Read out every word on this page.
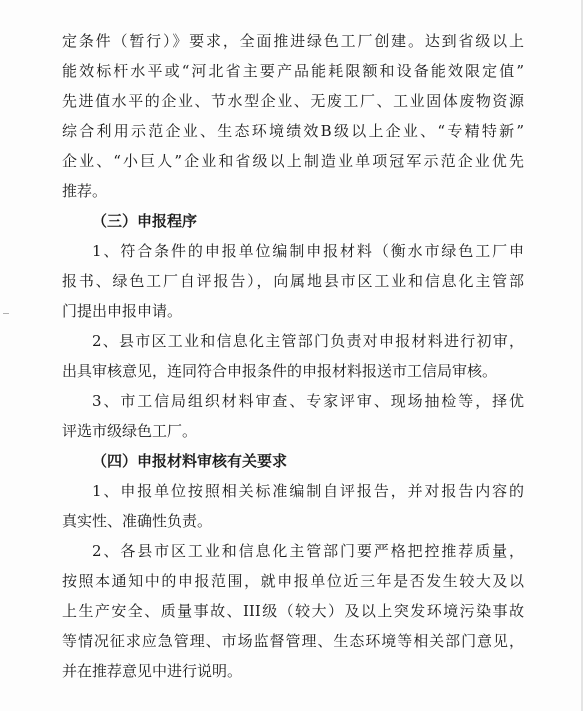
定条件（暂行）》要求，全面推进绿色工厂创建。达到省级以上
能效标杆水平或“河北省主要产品能耗限额和设备能效限定值”
先进值水平的企业、节水型企业、无废工厂、工业固体废物资源
综合利用示范企业、生态环境绩效B级以上企业、“专精特新”
企业、“小巨人”企业和省级以上制造业单项冠军示范企业优先
推荐。
（三）申报程序
1、符合条件的申报单位编制申报材料（衡水市绿色工厂申
报书、绿色工厂自评报告），向属地县市区工业和信息化主管部
门提出申报申请。
2、县市区工业和信息化主管部门负责对申报材料进行初审，
出具审核意见，连同符合申报条件的申报材料报送市工信局审核。
3、市工信局组织材料审查、专家评审、现场抽检等，择优
评选市级绿色工厂。
（四）申报材料审核有关要求
1、申报单位按照相关标准编制自评报告，并对报告内容的
真实性、准确性负责。
2、各县市区工业和信息化主管部门要严格把控推荐质量，
按照本通知中的申报范围，就申报单位近三年是否发生较大及以
上生产安全、质量事故、III级（较大）及以上突发环境污染事故
等情况征求应急管理、市场监督管理、生态环境等相关部门意见，
并在推荐意见中进行说明。
